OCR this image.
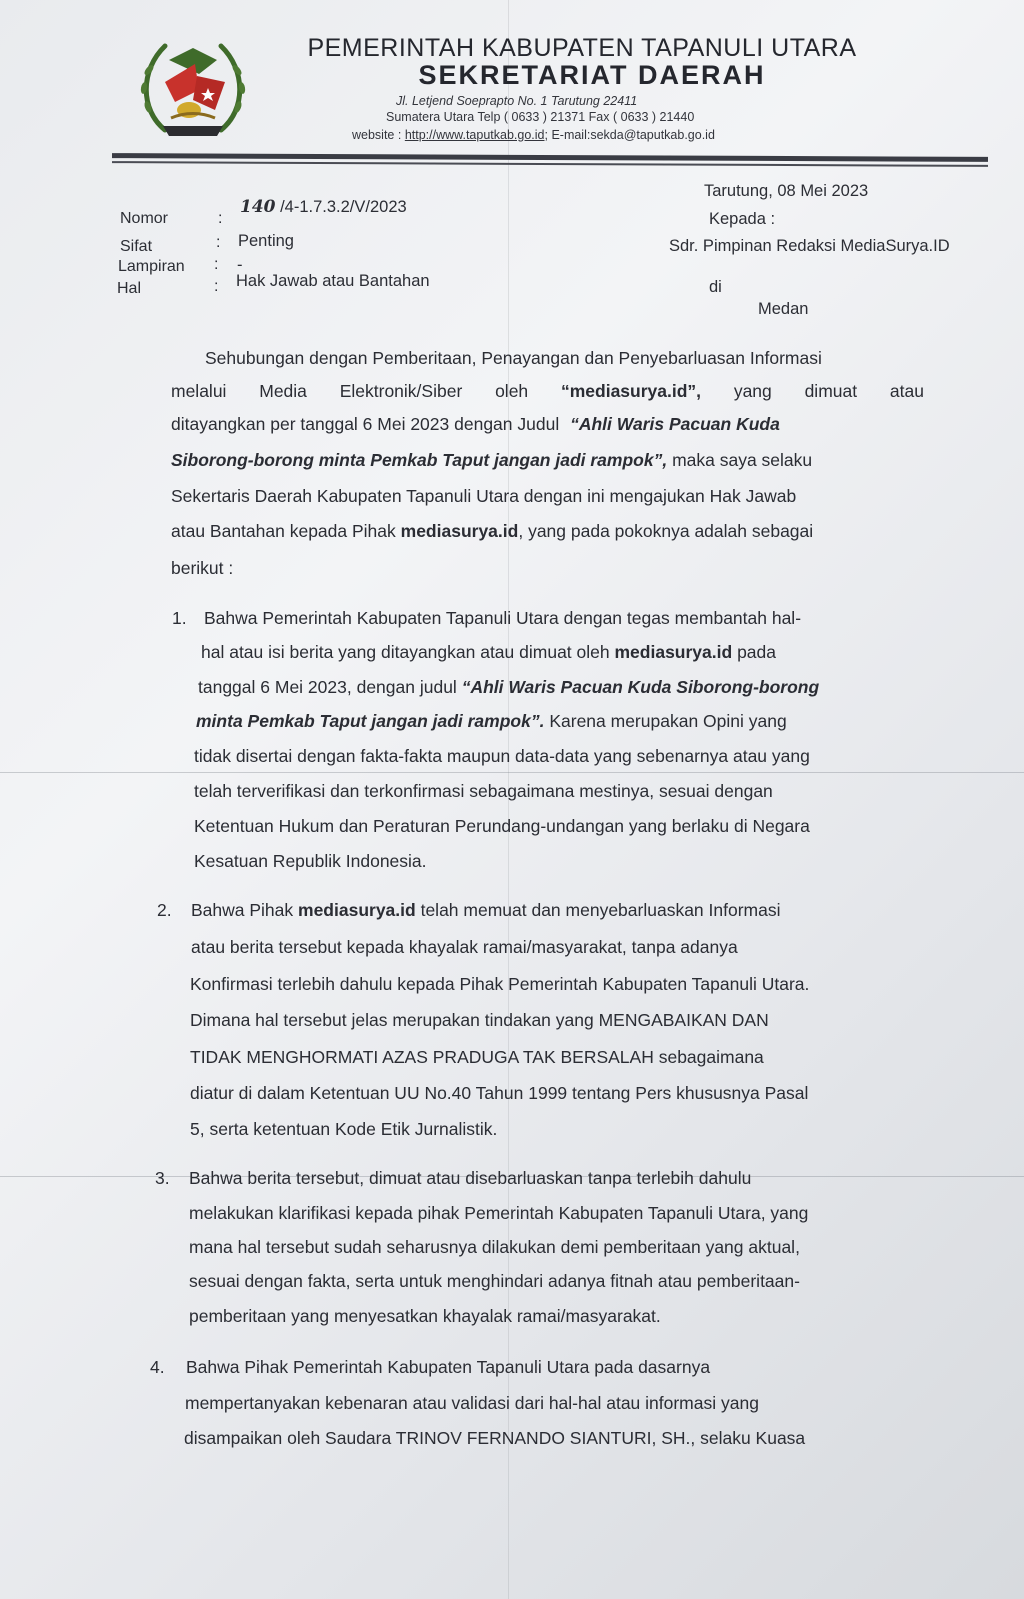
PEMERINTAH KABUPATEN TAPANULI UTARA
SEKRETARIAT DAERAH
Jl. Letjend Soeprapto No. 1 Tarutung 22411
Sumatera Utara Telp ( 0633 ) 21371 Fax ( 0633 ) 21440
website : http://www.taputkab.go.id; E-mail:sekda@taputkab.go.id
Tarutung, 08 Mei 2023
Kepada :
Sdr. Pimpinan Redaksi MediaSurya.ID
di
Medan
Nomor	:
140 /4-1.7.3.2/V/2023
Sifat	: Penting
Lampiran : -
Hal	: Hak Jawab atau Bantahan
Sehubungan dengan Pemberitaan, Penayangan dan Penyebarluasan Informasi
melalui Media Elektronik/Siber oleh “mediasurya.id”, yang dimuat atau
ditayangkan per tanggal 6 Mei 2023 dengan Judul “Ahli Waris Pacuan Kuda
Siborong-borong minta Pemkab Taput jangan jadi rampok”, maka saya selaku
Sekertaris Daerah Kabupaten Tapanuli Utara dengan ini mengajukan Hak Jawab
atau Bantahan kepada Pihak mediasurya.id, yang pada pokoknya adalah sebagai
berikut :
1. Bahwa Pemerintah Kabupaten Tapanuli Utara dengan tegas membantah hal-
hal atau isi berita yang ditayangkan atau dimuat oleh mediasurya.id pada
tanggal 6 Mei 2023, dengan judul “Ahli Waris Pacuan Kuda Siborong-borong
minta Pemkab Taput jangan jadi rampok”. Karena merupakan Opini yang
tidak disertai dengan fakta-fakta maupun data-data yang sebenarnya atau yang
telah terverifikasi dan terkonfirmasi sebagaimana mestinya, sesuai dengan
Ketentuan Hukum dan Peraturan Perundang-undangan yang berlaku di Negara
Kesatuan Republik Indonesia.
2. Bahwa Pihak mediasurya.id telah memuat dan menyebarluaskan Informasi
atau berita tersebut kepada khayalak ramai/masyarakat, tanpa adanya
Konfirmasi terlebih dahulu kepada Pihak Pemerintah Kabupaten Tapanuli Utara.
Dimana hal tersebut jelas merupakan tindakan yang MENGABAIKAN DAN
TIDAK MENGHORMATI AZAS PRADUGA TAK BERSALAH sebagaimana
diatur di dalam Ketentuan UU No.40 Tahun 1999 tentang Pers khususnya Pasal
5, serta ketentuan Kode Etik Jurnalistik.
3. Bahwa berita tersebut, dimuat atau disebarluaskan tanpa terlebih dahulu
melakukan klarifikasi kepada pihak Pemerintah Kabupaten Tapanuli Utara, yang
mana hal tersebut sudah seharusnya dilakukan demi pemberitaan yang aktual,
sesuai dengan fakta, serta untuk menghindari adanya fitnah atau pemberitaan-
pemberitaan yang menyesatkan khayalak ramai/masyarakat.
4. Bahwa Pihak Pemerintah Kabupaten Tapanuli Utara pada dasarnya
mempertanyakan kebenaran atau validasi dari hal-hal atau informasi yang
disampaikan oleh Saudara TRINOV FERNANDO SIANTURI, SH., selaku Kuasa
